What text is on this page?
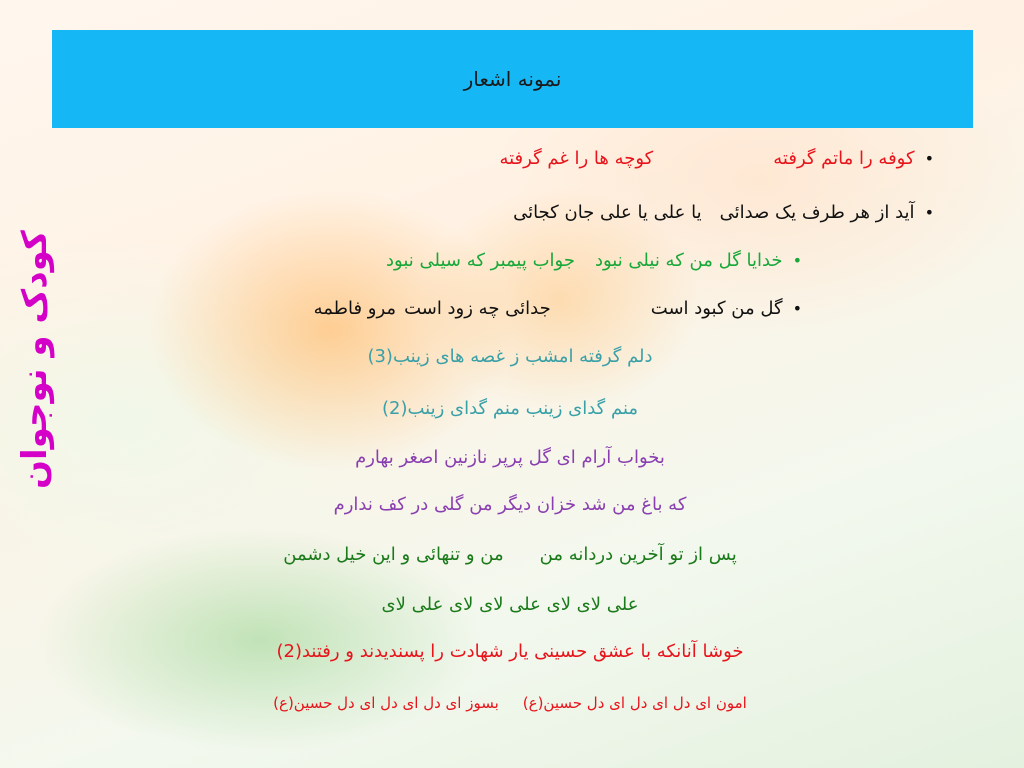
نمونه اشعار
کودک و نوجوان
•کوفه را ماتم گرفتهکوچه ها را غم گرفته
•آید از هر طرف یک صدائییا علی یا علی جان کجائی
•خدایا گل من که نیلی نبودجواب پیمبر که سیلی نبود
•گل من کبود استجدائی چه زود استمرو فاطمه
دلم گرفته امشب ز غصه های زینب(3)
منم گدای زینب منم گدای زینب(2)
بخواب آرام ای گل پرپر نازنین اصغر بهارم
که باغ من شد خزان دیگر من گلی در کف ندارم
پس از تو آخرین دردانه منمن و تنهائی و این خیل دشمن
علی لای لای علی لای لای علی لای
خوشا آنانکه با عشق حسینی یار شهادت را پسندیدند و رفتند(2)
امون ای دل ای دل ای دل حسین(ع)بسوز ای دل ای دل ای دل حسین(ع)
